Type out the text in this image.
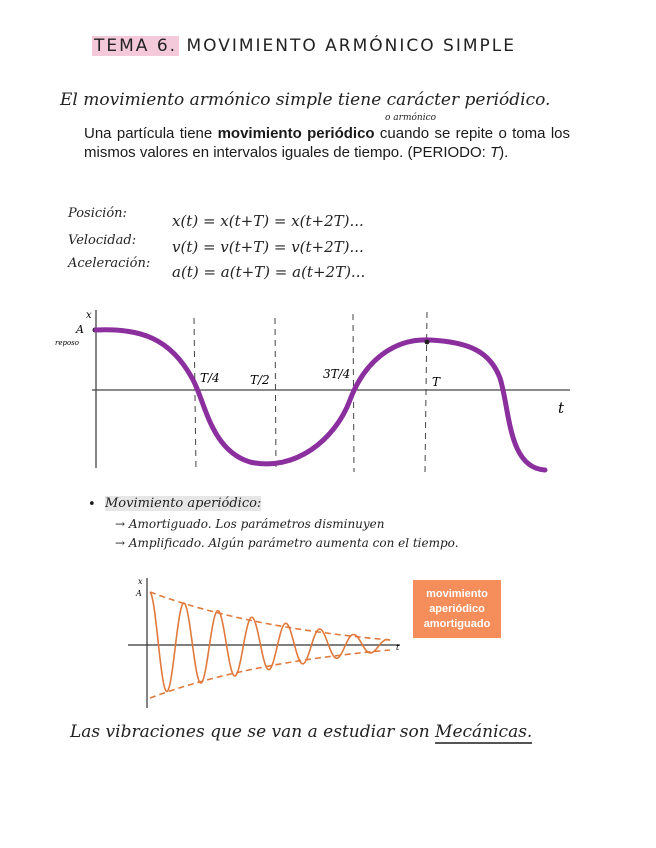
TEMA 6. MOVIMIENTO ARMÓNICO SIMPLE
El movimiento armónico simple tiene carácter periódico.
o armónico
Una partícula tiene movimiento periódico cuando se repite o toma los mismos valores en intervalos iguales de tiempo. (PERIODO: T).
Posición:	x(t) = x(t+T) = x(t+2T)...
Velocidad: v(t) = v(t+T) = v(t+2T)...
Aceleración: a(t) = a(t+T) = a(t+2T)...
x
A
reposo
T/4	T/2	3T/4
T
t
• Movimiento aperiódico:
→ Amortiguado. Los parámetros disminuyen
→ Amplificado. Algún parámetro aumenta con el tiempo.
x
A
t
movimiento
aperiódico
amortiguado
Las vibraciones que se van a estudiar son Mecánicas.
